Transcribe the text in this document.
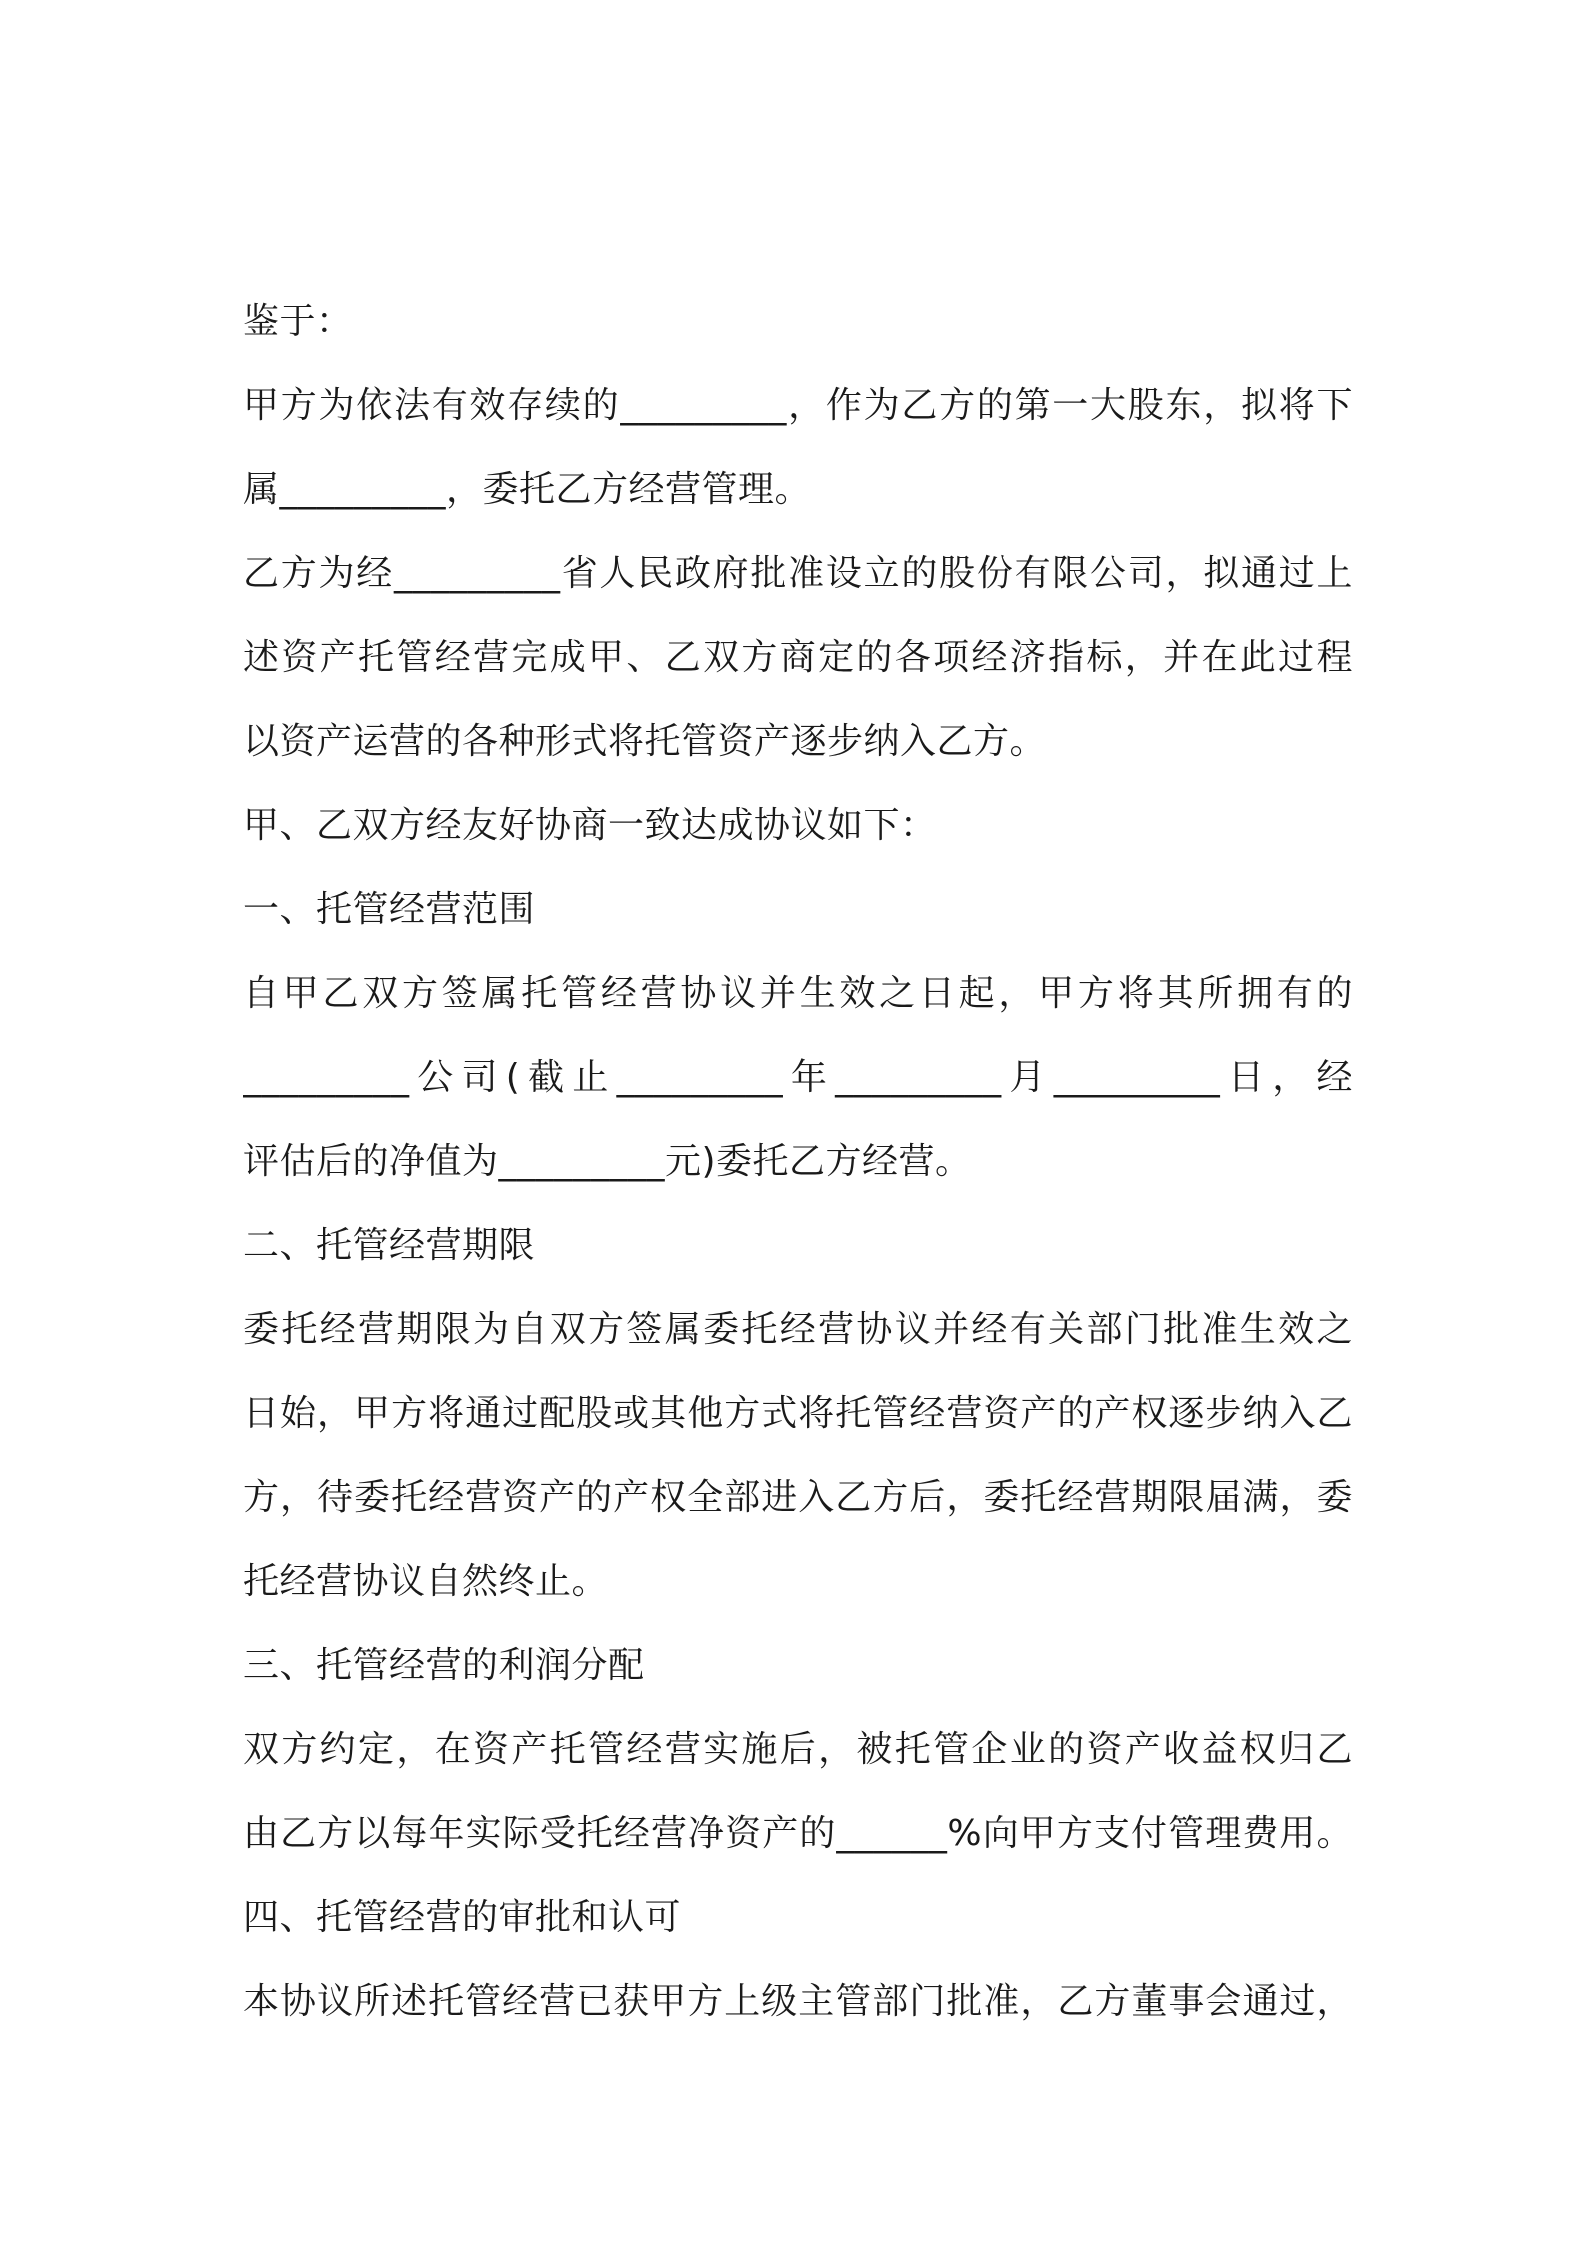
鉴于：
甲方为依法有效存续的_________，作为乙方的第一大股东，拟将下
属_________，委托乙方经营管理。
乙方为经_________省人民政府批准设立的股份有限公司，拟通过上
述资产托管经营完成甲、乙双方商定的各项经济指标，并在此过程
以资产运营的各种形式将托管资产逐步纳入乙方。
甲、乙双方经友好协商一致达成协议如下：
一、托管经营范围
自甲乙双方签属托管经营协议并生效之日起，甲方将其所拥有的
_________公司(截止_________年_________月_________日，经
评估后的净值为_________元)委托乙方经营。
二、托管经营期限
委托经营期限为自双方签属委托经营协议并经有关部门批准生效之
日始，甲方将通过配股或其他方式将托管经营资产的产权逐步纳入乙
方，待委托经营资产的产权全部进入乙方后，委托经营期限届满，委
托经营协议自然终止。
三、托管经营的利润分配
双方约定，在资产托管经营实施后，被托管企业的资产收益权归乙
由乙方以每年实际受托经营净资产的______%向甲方支付管理费用。
四、托管经营的审批和认可
本协议所述托管经营已获甲方上级主管部门批准，乙方董事会通过，
